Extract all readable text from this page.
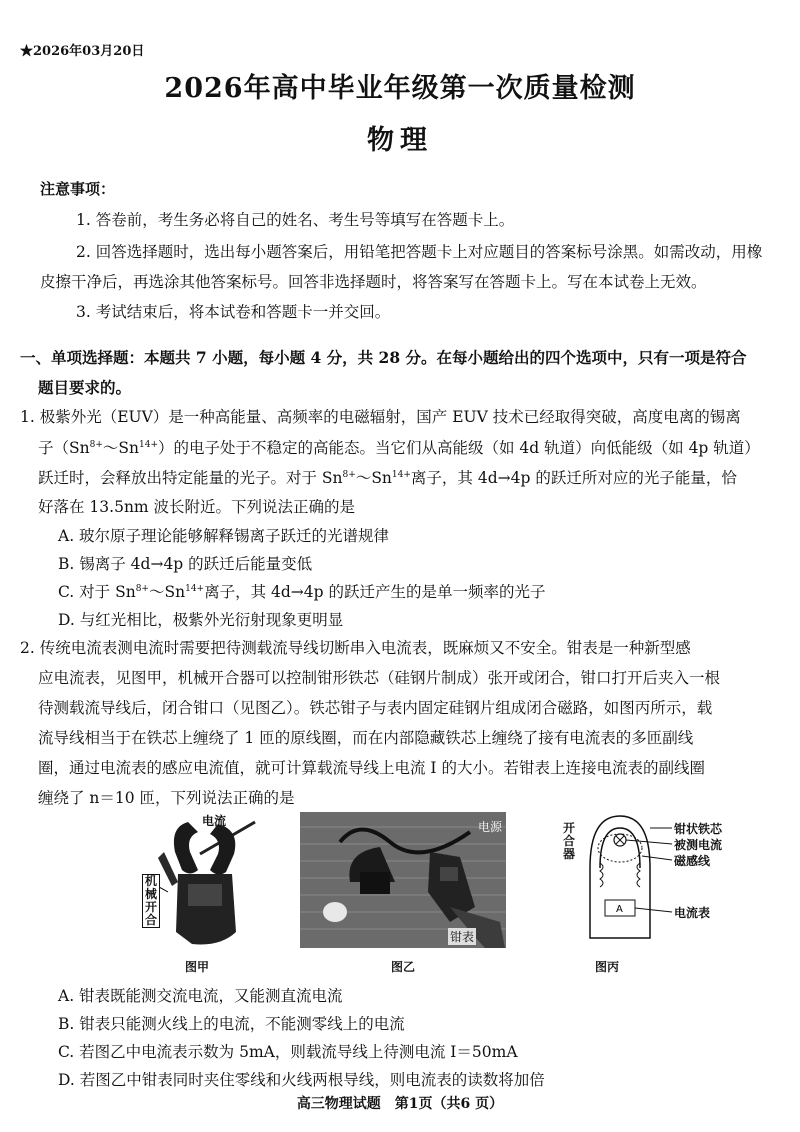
★2026年03月20日
2026年高中毕业年级第一次质量检测
物理
注意事项：
1. 答卷前，考生务必将自己的姓名、考生号等填写在答题卡上。
2. 回答选择题时，选出每小题答案后，用铅笔把答题卡上对应题目的答案标号涂黑。如需改动，用橡
皮擦干净后，再选涂其他答案标号。回答非选择题时，将答案写在答题卡上。写在本试卷上无效。
3. 考试结束后，将本试卷和答题卡一并交回。
一、单项选择题：本题共 7 小题，每小题 4 分，共 28 分。在每小题给出的四个选项中，只有一项是符合
题目要求的。
1. 极紫外光（EUV）是一种高能量、高频率的电磁辐射，国产 EUV 技术已经取得突破，高度电离的锡离
子$(Sn^{8+}\sim Sn^{14+})$的电子处于不稳定的高能态。当它们从高能级（如 4d 轨道）向低能级（如 4p 轨道）
跃迁时，会释放出特定能量的光子。对于 $Sn^{8+}\sim Sn^{14+}$离子，其 4d→4p 的跃迁所对应的光子能量，恰
好落在 13.5nm 波长附近。下列说法正确的是
A. 玻尔原子理论能够解释锡离子跃迁的光谱规律
B. 锡离子 4d→4p 的跃迁后能量变低
C. 对于 $Sn^{8+}\sim Sn^{14+}$离子，其 4d→4p 的跃迁产生的是单一频率的光子
D. 与红光相比，极紫外光衍射现象更明显
2. 传统电流表测电流时需要把待测载流导线切断串入电流表，既麻烦又不安全。钳表是一种新型感
应电流表，见图甲，机械开合器可以控制钳形铁芯（硅钢片制成）张开或闭合，钳口打开后夹入一根
待测载流导线后，闭合钳口（见图乙）。铁芯钳子与表内固定硅钢片组成闭合磁路，如图丙所示，载
流导线相当于在铁芯上缠绕了 1 匝的原线圈，而在内部隐藏铁芯上缠绕了接有电流表的多匝副线
圈，通过电流表的感应电流值，就可计算载流导线上电流 I 的大小。若钳表上连接电流表的副线圈
缠绕了 n＝10 匝，下列说法正确的是
电流
机械开合
图甲
电源
钳表
图乙
A
开合器
钳状铁芯
被测电流
磁感线
电流表
图丙
A. 钳表既能测交流电流，又能测直流电流
B. 钳表只能测火线上的电流，不能测零线上的电流
C. 若图乙中电流表示数为 5mA，则载流导线上待测电流 I＝50mA
D. 若图乙中钳表同时夹住零线和火线两根导线，则电流表的读数将加倍
高三物理试题　第1页（共6 页）
